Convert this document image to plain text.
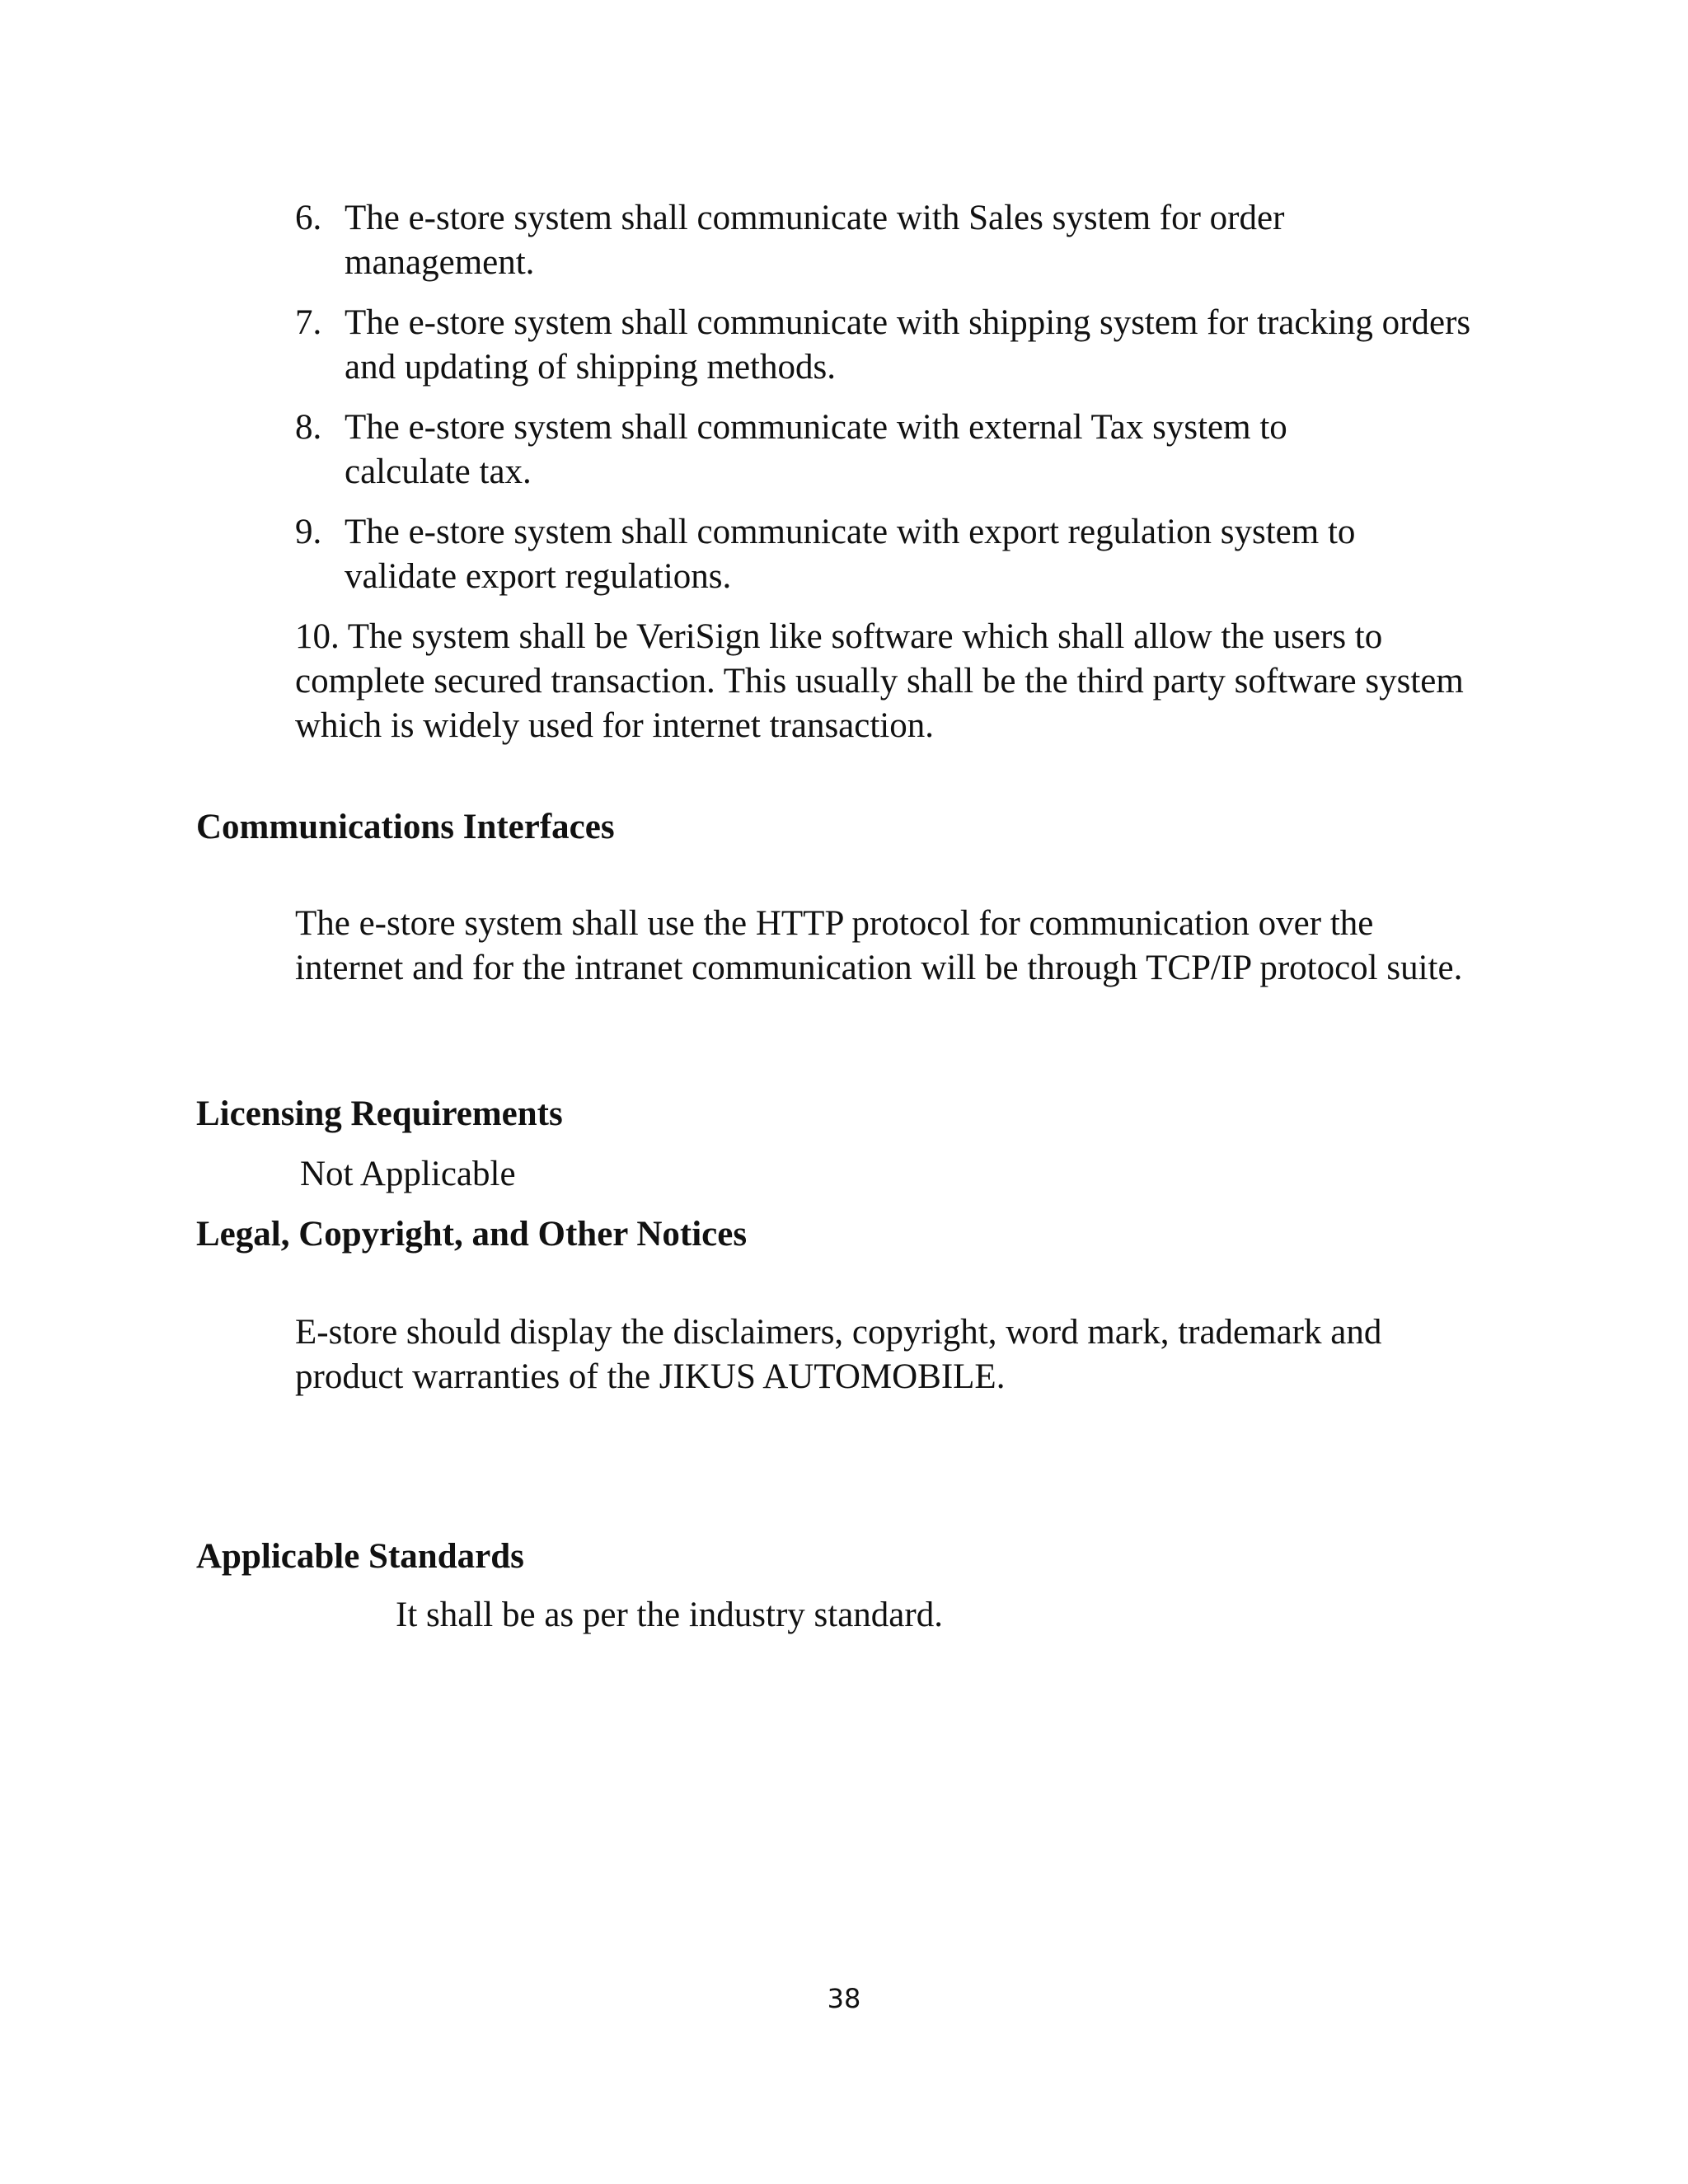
6. The e-store system shall communicate with Sales system for order management.
7. The e-store system shall communicate with shipping system for tracking orders and updating of shipping methods.
8. The e-store system shall communicate with external Tax system to calculate tax.
9. The e-store system shall communicate with export regulation system to validate export regulations.

10. The system shall be VeriSign like software which shall allow the users to complete secured transaction. This usually shall be the third party software system which is widely used for internet transaction.

Communications Interfaces

The e-store system shall use the HTTP protocol for communication over the internet and for the intranet communication will be through TCP/IP protocol suite.

Licensing Requirements

Not Applicable

Legal, Copyright, and Other Notices

E-store should display the disclaimers, copyright, word mark, trademark and product warranties of the JIKUS AUTOMOBILE.

Applicable Standards

It shall be as per the industry standard.

38
